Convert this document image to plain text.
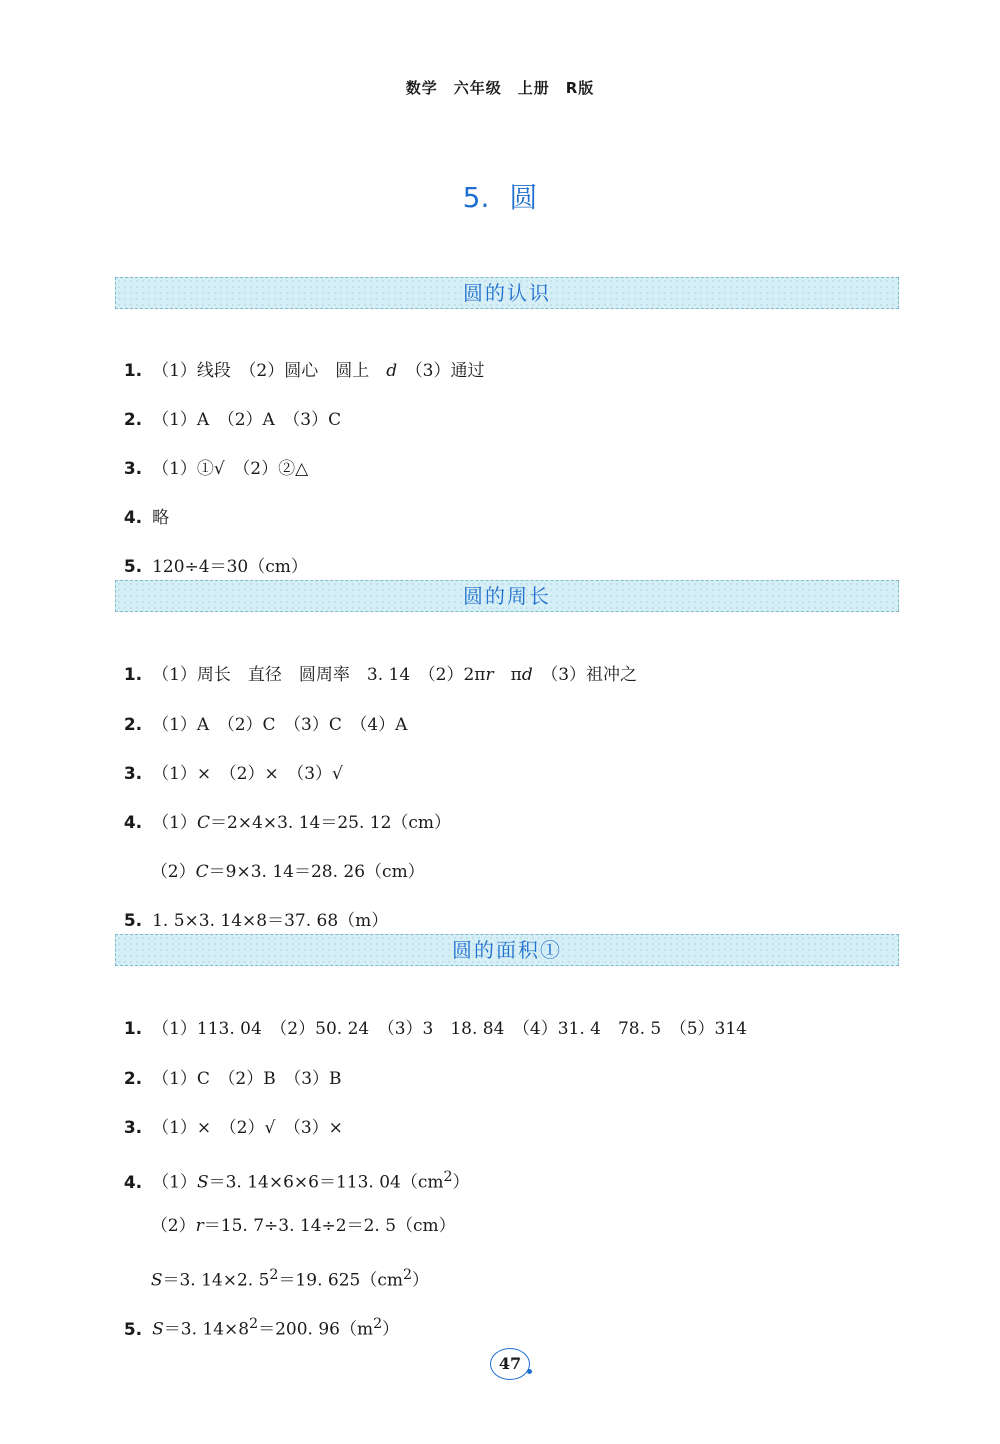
数学 六年级 上册 R版
5. 圆
圆的认识

1. （1）线段　（2）圆心　圆上　d　（3）通过

2. （1）A　（2）A　（3）C

3. （1）①√　（2）②△

4. 略

5. 120÷4＝30（cm）

圆的周长

1. （1）周长　直径　圆周率　3. 14　（2）2πr　πd　（3）祖冲之

2. （1）A　（2）C　（3）C　（4）A

3. （1）×　（2）×　（3）√

4. （1）C＝2×4×3. 14＝25. 12（cm）

（2）C＝9×3. 14＝28. 26（cm）

5. 1. 5×3. 14×8＝37. 68（m）

圆的面积①

1. （1）113. 04　（2）50. 24　（3）3　18. 84　（4）31. 4　78. 5　（5）314

2. （1）C　（2）B　（3）B

3. （1）×　（2）√　（3）×

4. （1）S＝3. 14×6×6＝113. $04(cm^2)$

（2）r＝15. 7÷3. 14÷2＝2. 5（cm）

S＝3. 14×2. $5^2=19$. $625(cm^2)$

5. S＝3. $14\times 8^2=200$. $96(m^2)$

47
